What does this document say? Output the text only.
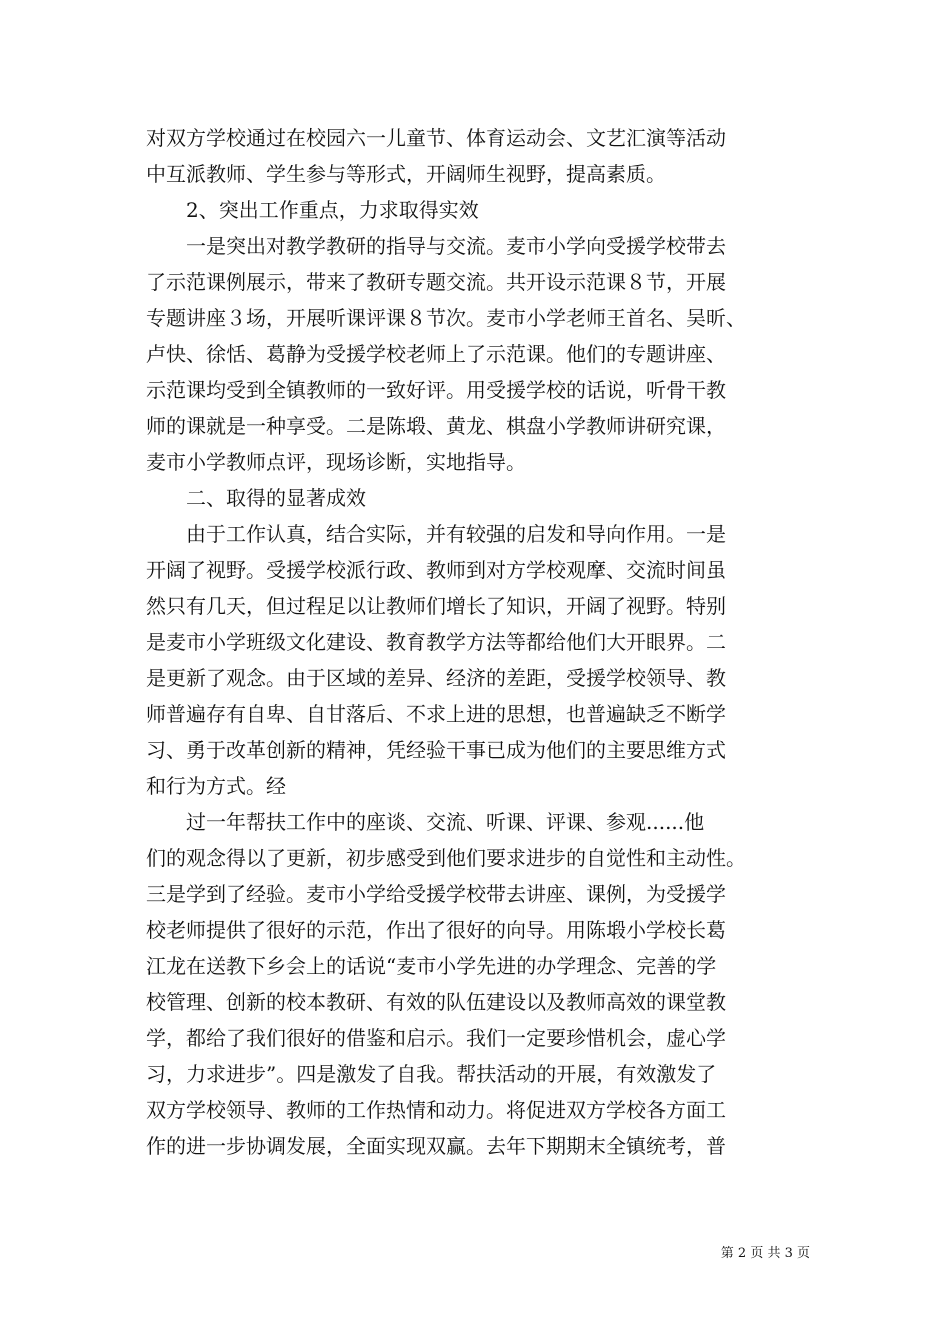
对双方学校通过在校园六一儿童节、体育运动会、文艺汇演等活动
中互派教师、学生参与等形式，开阔师生视野，提高素质。
　　2、突出工作重点，力求取得实效
　　一是突出对教学教研的指导与交流。麦市小学向受援学校带去
了示范课例展示，带来了教研专题交流。共开设示范课８节，开展
专题讲座３场，开展听课评课８节次。麦市小学老师王首名、吴昕、
卢快、徐恬、葛静为受援学校老师上了示范课。他们的专题讲座、
示范课均受到全镇教师的一致好评。用受援学校的话说，听骨干教
师的课就是一种享受。二是陈塅、黄龙、棋盘小学教师讲研究课，
麦市小学教师点评，现场诊断，实地指导。
　　二、取得的显著成效
　　由于工作认真，结合实际，并有较强的启发和导向作用。一是
开阔了视野。受援学校派行政、教师到对方学校观摩、交流时间虽
然只有几天，但过程足以让教师们增长了知识，开阔了视野。特别
是麦市小学班级文化建设、教育教学方法等都给他们大开眼界。二
是更新了观念。由于区域的差异、经济的差距，受援学校领导、教
师普遍存有自卑、自甘落后、不求上进的思想，也普遍缺乏不断学
习、勇于改革创新的精神，凭经验干事已成为他们的主要思维方式
和行为方式。经
　　过一年帮扶工作中的座谈、交流、听课、评课、参观......他
们的观念得以了更新，初步感受到他们要求进步的自觉性和主动性。
三是学到了经验。麦市小学给受援学校带去讲座、课例，为受援学
校老师提供了很好的示范，作出了很好的向导。用陈塅小学校长葛
江龙在送教下乡会上的话说“麦市小学先进的办学理念、完善的学
校管理、创新的校本教研、有效的队伍建设以及教师高效的课堂教
学，都给了我们很好的借鉴和启示。我们一定要珍惜机会，虚心学
习，力求进步”。四是激发了自我。帮扶活动的开展，有效激发了
双方学校领导、教师的工作热情和动力。将促进双方学校各方面工
作的进一步协调发展，全面实现双赢。去年下期期末全镇统考，普
第 2 页 共 3 页
